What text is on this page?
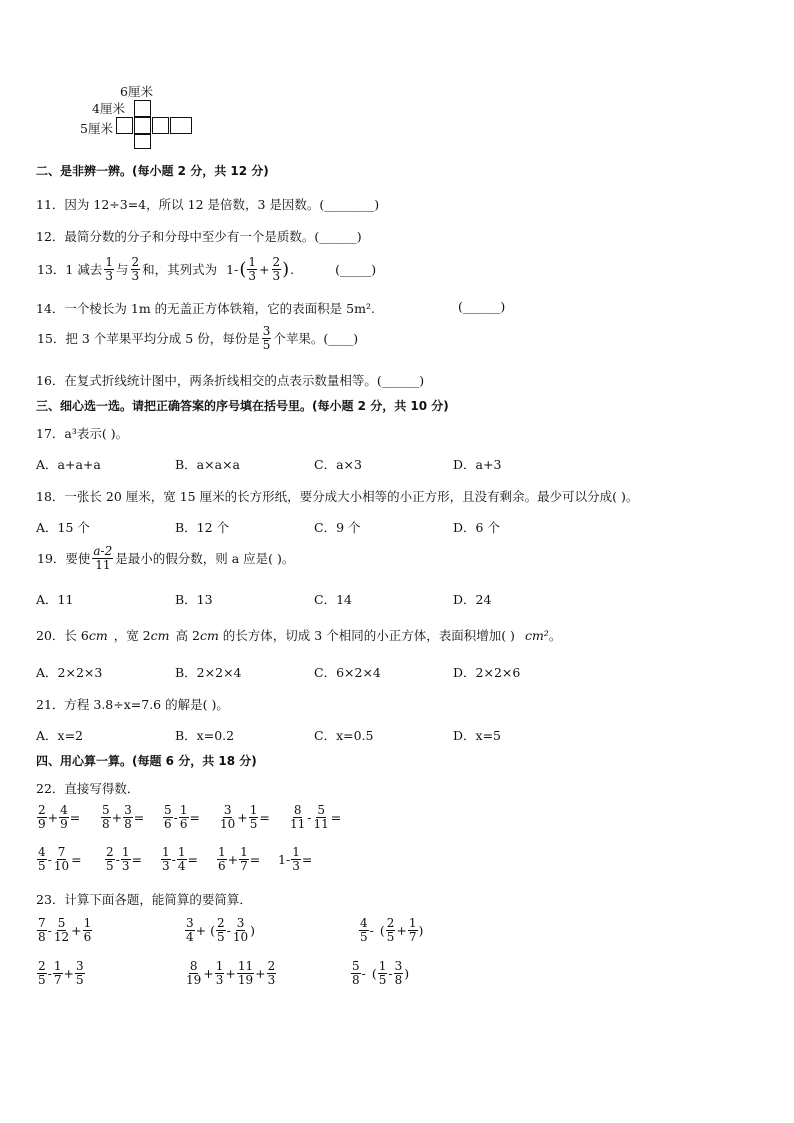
6厘米
4厘米
5厘米
二、是非辨一辨。(每小题 2 分，共 12 分)
11．因为 12÷3=4，所以 12 是倍数，3 是因数。(________)
12．最简分数的分子和分母中至少有一个是质数。(______)
13．1 减去 $\frac{1}{3}$ 与 $\frac{2}{3}$ 和，其列式为 1- ( $\frac{1}{3} + \frac{2}{3}$ ) .	(_____)
14．一个棱长为 1m 的无盖正方体铁箱，它的表面积是 5m².	(______)
15．把 3 个苹果平均分成 5 份，每份是 $\frac{3}{5}$ 个苹果。(____)
16．在复式折线统计图中，两条折线相交的点表示数量相等。(______)
三、细心选一选。请把正确答案的序号填在括号里。(每小题 2 分，共 10 分)
17．a³表示( )。
A．a+a+a	B．a×a×a	C．a×3	D．a+3
18．一张长 20 厘米，宽 15 厘米的长方形纸，要分成大小相等的小正方形，且没有剩余。最少可以分成( )。
A．15 个	B．12 个	C．9 个	D．6 个
19．要使 $\frac{a-2}{11}$ 是最小的假分数，则 a 应是( )。
A．11	B．13	C．14	D．24
20．长 6 cm ，宽 2 cm 高 2 cm 的长方体，切成 3 个相同的小正方体，表面积增加( ) cm² 。
A．2×2×3	B．2×2×4	C．6×2×4	D．2×2×6
21．方程 3.8÷x=7.6 的解是( )。
A．x=2	B．x=0.2	C．x=0.5	D．x=5
四、用心算一算。(每题 6 分，共 18 分)
22．直接写得数．
$\frac{2}{9} + \frac{4}{9} = \frac{5}{8} + \frac{3}{8} = \frac{5}{6} - \frac{1}{6} = \frac{3}{10} + \frac{1}{5} = \frac{8}{11} - \frac{5}{11}$ =
$\frac{4}{5} - \frac{7}{10} = \frac{2}{5} - \frac{1}{3} = \frac{1}{3} - \frac{1}{4} = \frac{1}{6} + \frac{1}{7} = 1- \frac{1}{3}$ =
23．计算下面各题，能简算的要简算．
$\frac{7}{8} - \frac{5}{12} + \frac{1}{6}$	$\frac{3}{4}$ + ( $\frac{2}{5} - \frac{3}{10}$ )	$\frac{4}{5}$ - ( $\frac{2}{5} + \frac{1}{7}$ )
$\frac{2}{5} - \frac{1}{7} + \frac{3}{5}$	$\frac{8}{19} + \frac{1}{3} + \frac{11}{19} + \frac{2}{3}$	$\frac{5}{8}$ - ( $\frac{1}{5} - \frac{3}{8}$ )
